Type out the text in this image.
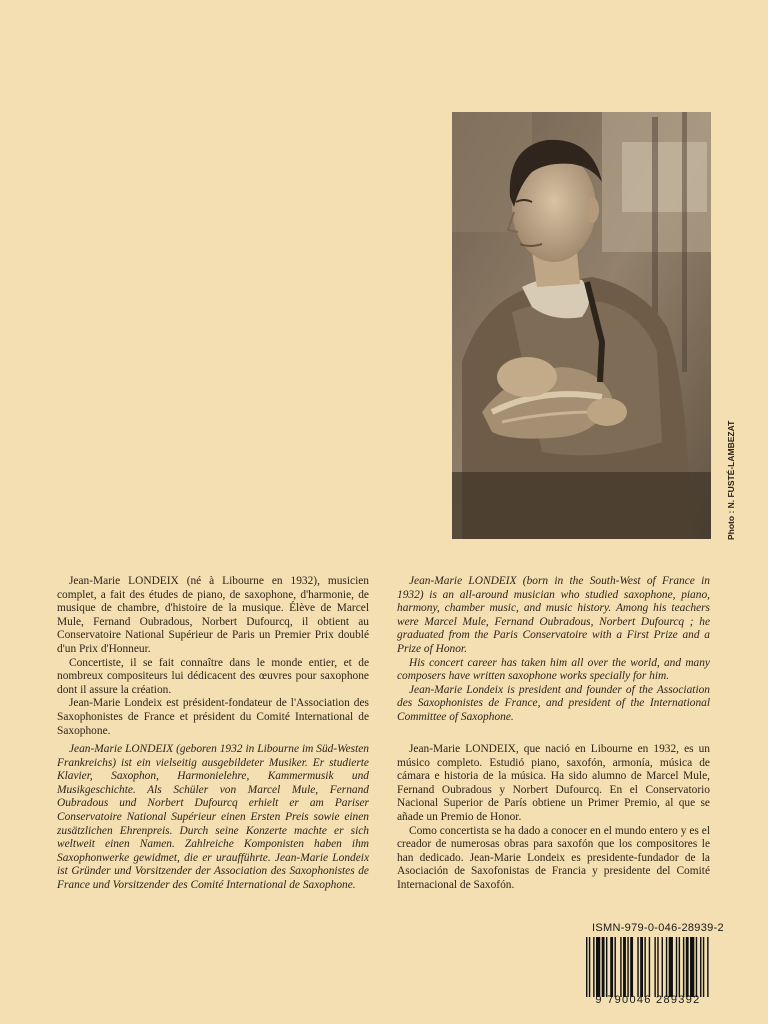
Photo : N. FUSTÉ-LAMBEZAT

Jean-Marie LONDEIX (né à Libourne en 1932), musicien complet, a fait des études de piano, de saxophone, d'harmonie, de musique de chambre, d'histoire de la musique. Élève de Marcel Mule, Fernand Oubradous, Norbert Dufourcq, il obtient au Conservatoire National Supérieur de Paris un Premier Prix doublé d'un Prix d'Honneur.

Concertiste, il se fait connaître dans le monde entier, et de nombreux compositeurs lui dédicacent des œuvres pour saxophone dont il assure la création.

Jean-Marie Londeix est président-fondateur de l'Association des Saxophonistes de France et président du Comité International de Saxophone.

Jean-Marie LONDEIX (geboren 1932 in Libourne im Süd-Westen Frankreichs) ist ein vielseitig ausgebildeter Musiker. Er studierte Klavier, Saxophon, Harmonielehre, Kammermusik und Musikgeschichte. Als Schüler von Marcel Mule, Fernand Oubradous und Norbert Dufourcq erhielt er am Pariser Conservatoire National Supérieur einen Ersten Preis sowie einen zusätzlichen Ehrenpreis. Durch seine Konzerte machte er sich weltweit einen Namen. Zahlreiche Komponisten haben ihm Saxophonwerke gewidmet, die er uraufführte. Jean-Marie Londeix ist Gründer und Vorsitzender der Association des Saxophonistes de France und Vorsitzender des Comité International de Saxophone.

Jean-Marie LONDEIX (born in the South-West of France in 1932) is an all-around musician who studied saxophone, piano, harmony, chamber music, and music history. Among his teachers were Marcel Mule, Fernand Oubradous, Norbert Dufourcq ; he graduated from the Paris Conservatoire with a First Prize and a Prize of Honor.

His concert career has taken him all over the world, and many composers have written saxophone works specially for him.

Jean-Marie Londeix is president and founder of the Association des Saxophonistes de France, and president of the International Committee of Saxophone.

Jean-Marie LONDEIX, que nació en Libourne en 1932, es un músico completo. Estudió piano, saxofón, armonía, música de cámara e historia de la música. Ha sido alumno de Marcel Mule, Fernand Oubradous y Norbert Dufourcq. En el Conservatorio Nacional Superior de París obtiene un Primer Premio, al que se añade un Premio de Honor.

Como concertista se ha dado a conocer en el mundo entero y es el creador de numerosas obras para saxofón que los compositores le han dedicado. Jean-Marie Londeix es presidente-fundador de la Asociación de Saxofonistas de Francia y presidente del Comité Internacional de Saxofón.

ISMN-979-0-046-28939-2
9 790046 289392
